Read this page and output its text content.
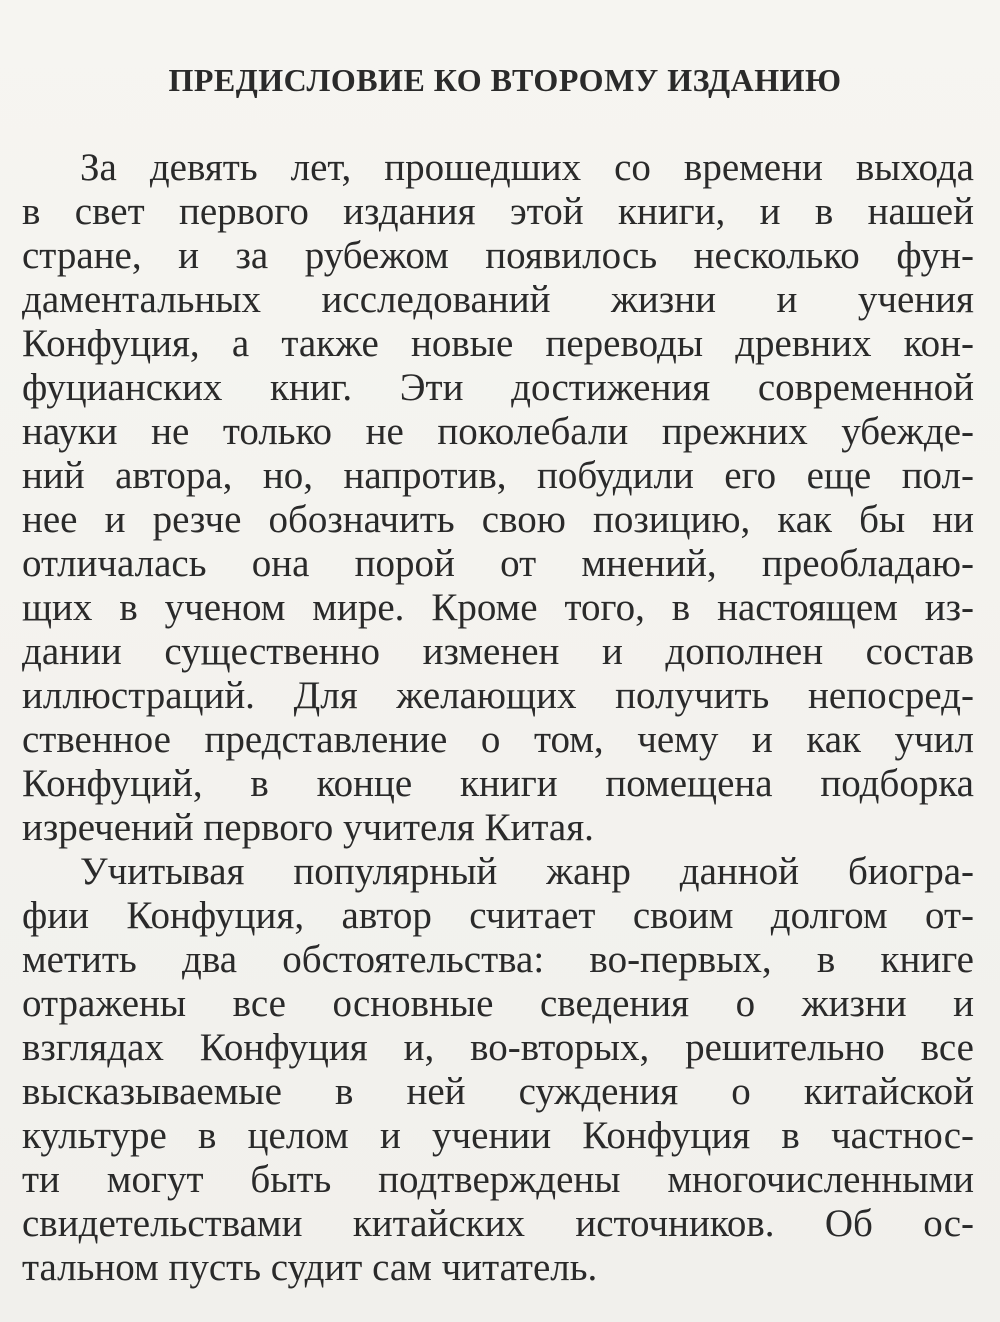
ПРЕДИСЛОВИЕ КО ВТОРОМУ ИЗДАНИЮ
За девять лет, прошедших со времени выхода
в свет первого издания этой книги, и в нашей
стране, и за рубежом появилось несколько фун-
даментальных исследований жизни и учения
Конфуция, а также новые переводы древних кон-
фуцианских книг. Эти достижения современной
науки не только не поколебали прежних убежде-
ний автора, но, напротив, побудили его еще пол-
нее и резче обозначить свою позицию, как бы ни
отличалась она порой от мнений, преобладаю-
щих в ученом мире. Кроме того, в настоящем из-
дании существенно изменен и дополнен состав
иллюстраций. Для желающих получить непосред-
ственное представление о том, чему и как учил
Конфуций, в конце книги помещена подборка
изречений первого учителя Китая.
Учитывая популярный жанр данной биогра-
фии Конфуция, автор считает своим долгом от-
метить два обстоятельства: во-первых, в книге
отражены все основные сведения о жизни и
взглядах Конфуция и, во-вторых, решительно все
высказываемые в ней суждения о китайской
культуре в целом и учении Конфуция в частнос-
ти могут быть подтверждены многочисленными
свидетельствами китайских источников. Об ос-
тальном пусть судит сам читатель.
